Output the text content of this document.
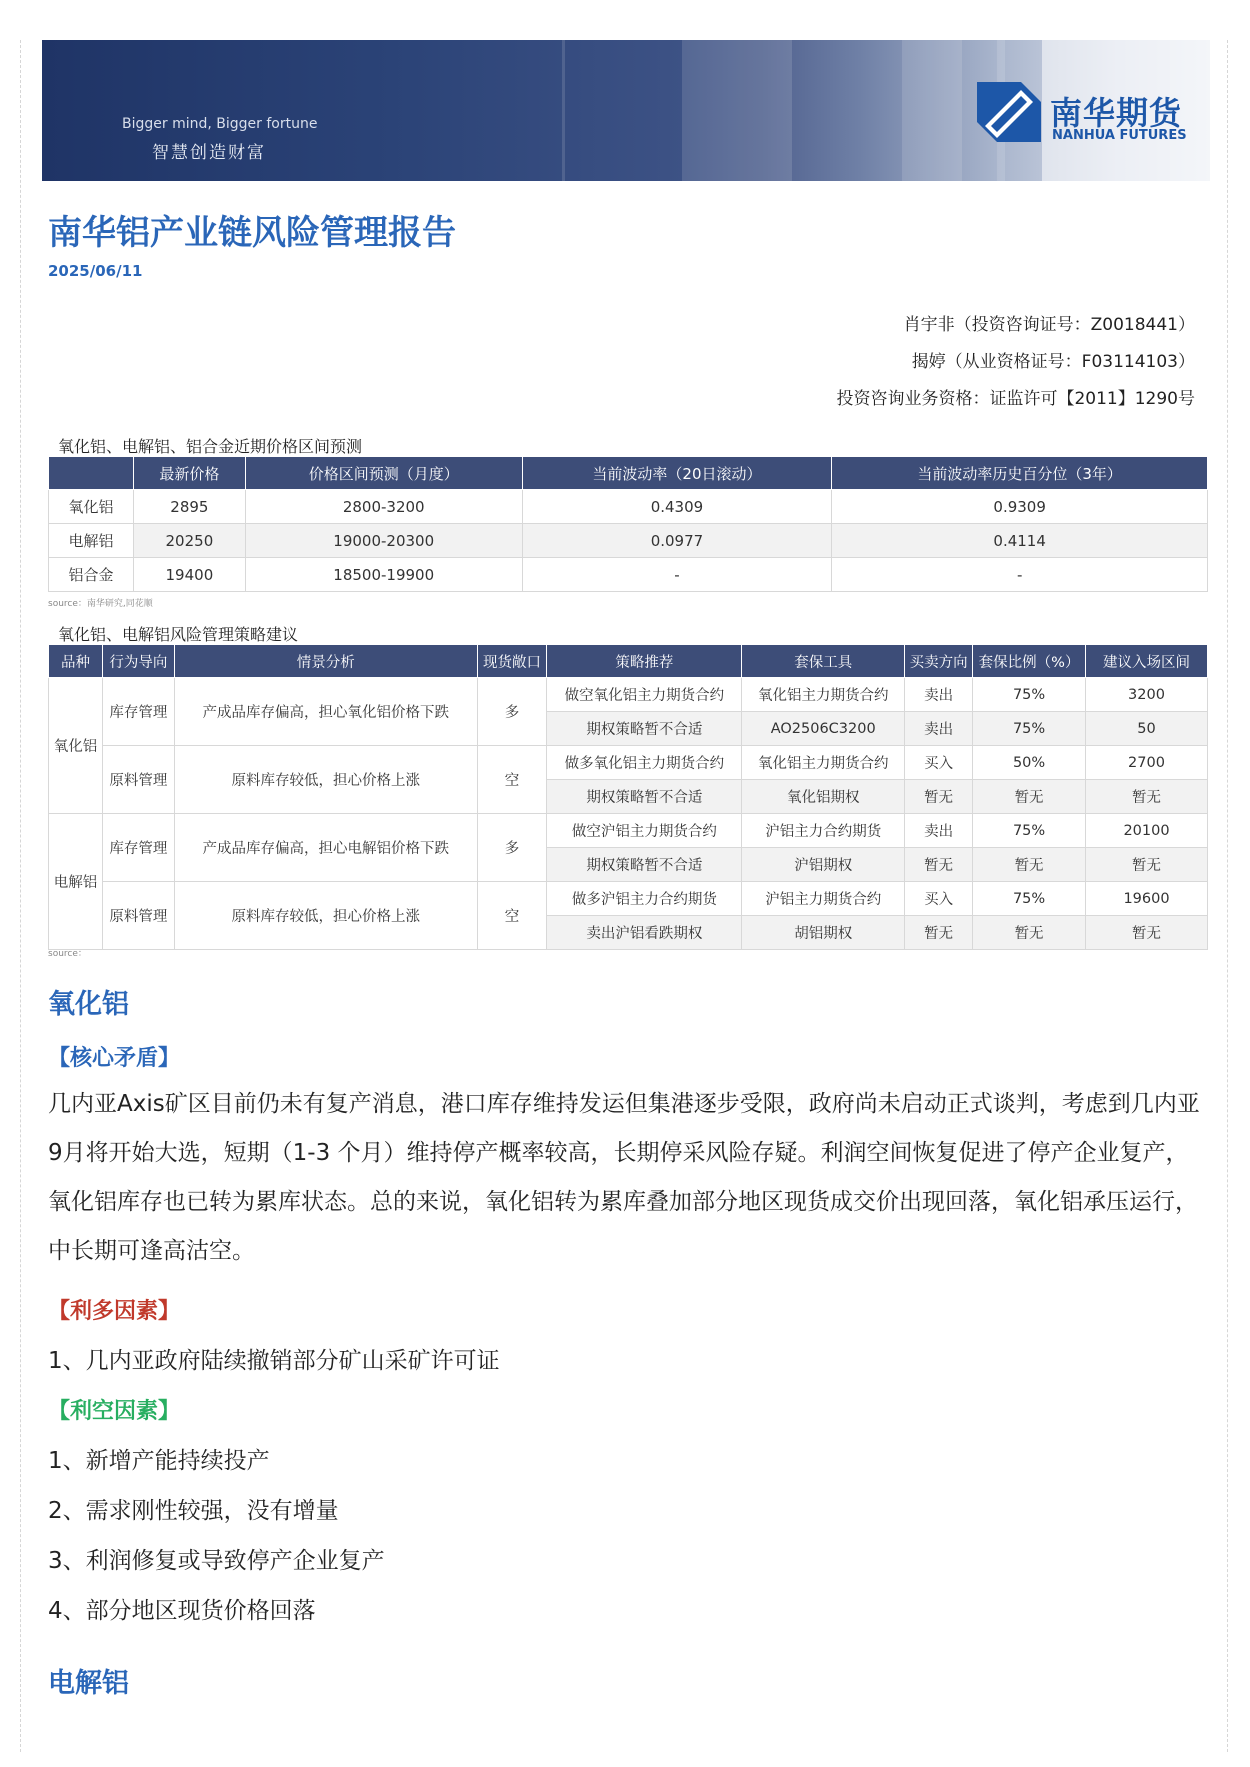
Bigger mind, Bigger fortune
智慧创造财富
南华期货
NANHUA FUTURES
南华铝产业链风险管理报告
2025/06/11
肖宇非（投资咨询证号：Z0018441）
揭婷（从业资格证号：F03114103）
投资咨询业务资格：证监许可【2011】1290号
氧化铝、电解铝、铝合金近期价格区间预测
	最新价格	价格区间预测（月度）	当前波动率（20日滚动）	当前波动率历史百分位（3年）
氧化铝	2895	2800-3200	0.4309	0.9309
电解铝	20250	19000-20300	0.0977	0.4114
铝合金	19400	18500-19900	-	-
source：南华研究,同花顺
氧化铝、电解铝风险管理策略建议
品种	行为导向	情景分析	现货敞口	策略推荐	套保工具	买卖方向	套保比例（%）	建议入场区间
氧化铝	库存管理	产成品库存偏高，担心氧化铝价格下跌	多	做空氧化铝主力期货合约	氧化铝主力期货合约	卖出	75%	3200
				期权策略暂不合适	AO2506C3200	卖出	75%	50
	原料管理	原料库存较低，担心价格上涨	空	做多氧化铝主力期货合约	氧化铝主力期货合约	买入	50%	2700
				期权策略暂不合适	氧化铝期权	暂无	暂无	暂无
电解铝	库存管理	产成品库存偏高，担心电解铝价格下跌	多	做空沪铝主力期货合约	沪铝主力合约期货	卖出	75%	20100
				期权策略暂不合适	沪铝期权	暂无	暂无	暂无
	原料管理	原料库存较低，担心价格上涨	空	做多沪铝主力合约期货	沪铝主力期货合约	买入	75%	19600
				卖出沪铝看跌期权	胡铝期权	暂无	暂无	暂无
source：
氧化铝
【核心矛盾】
几内亚Axis矿区目前仍未有复产消息，港口库存维持发运但集港逐步受限，政府尚未启动正式谈判，考虑到几内亚9月将开始大选，短期（1-3 个月）维持停产概率较高，长期停采风险存疑。利润空间恢复促进了停产企业复产，氧化铝库存也已转为累库状态。总的来说，氧化铝转为累库叠加部分地区现货成交价出现回落，氧化铝承压运行，中长期可逢高沽空。
【利多因素】
1、几内亚政府陆续撤销部分矿山采矿许可证
【利空因素】
1、新增产能持续投产
2、需求刚性较强，没有增量
3、利润修复或导致停产企业复产
4、部分地区现货价格回落
电解铝
